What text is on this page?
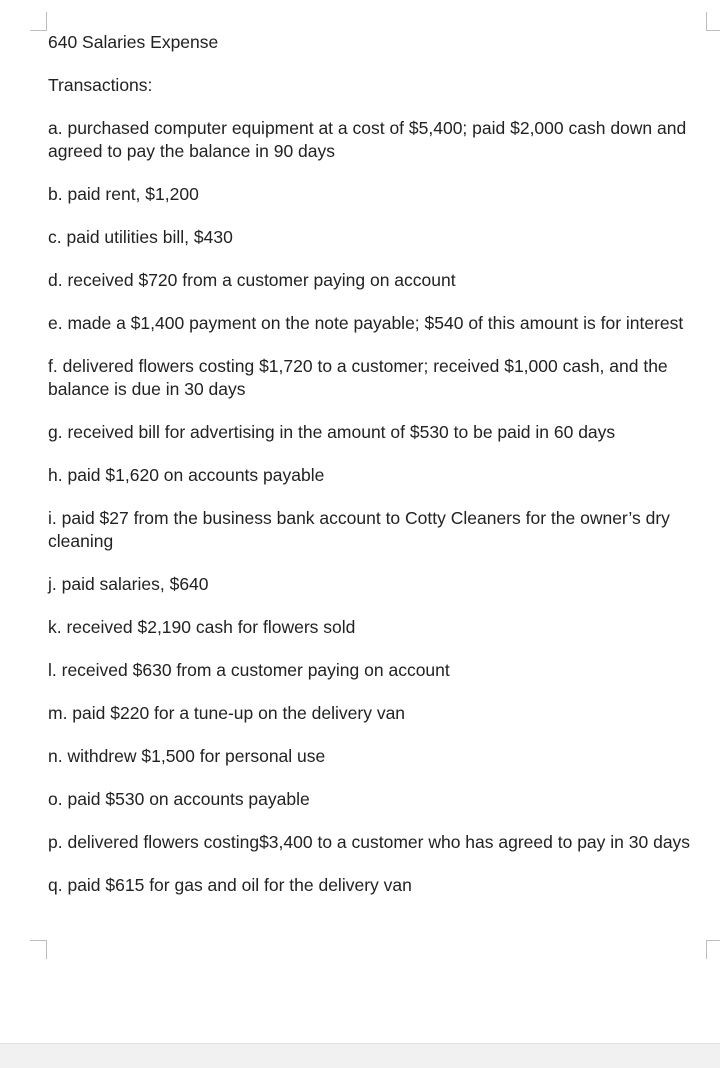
640 Salaries Expense

Transactions:

a. purchased computer equipment at a cost of $5,400; paid $2,000 cash down and agreed to pay the balance in 90 days

b. paid rent, $1,200

c. paid utilities bill, $430

d. received $720 from a customer paying on account

e. made a $1,400 payment on the note payable; $540 of this amount is for interest

f. delivered flowers costing $1,720 to a customer; received $1,000 cash, and the balance is due in 30 days

g. received bill for advertising in the amount of $530 to be paid in 60 days

h. paid $1,620 on accounts payable

i. paid $27 from the business bank account to Cotty Cleaners for the owner’s dry cleaning

j. paid salaries, $640

k. received $2,190 cash for flowers sold

l. received $630 from a customer paying on account

m. paid $220 for a tune-up on the delivery van

n. withdrew $1,500 for personal use

o. paid $530 on accounts payable

p. delivered flowers costing$3,400 to a customer who has agreed to pay in 30 days

q. paid $615 for gas and oil for the delivery van
